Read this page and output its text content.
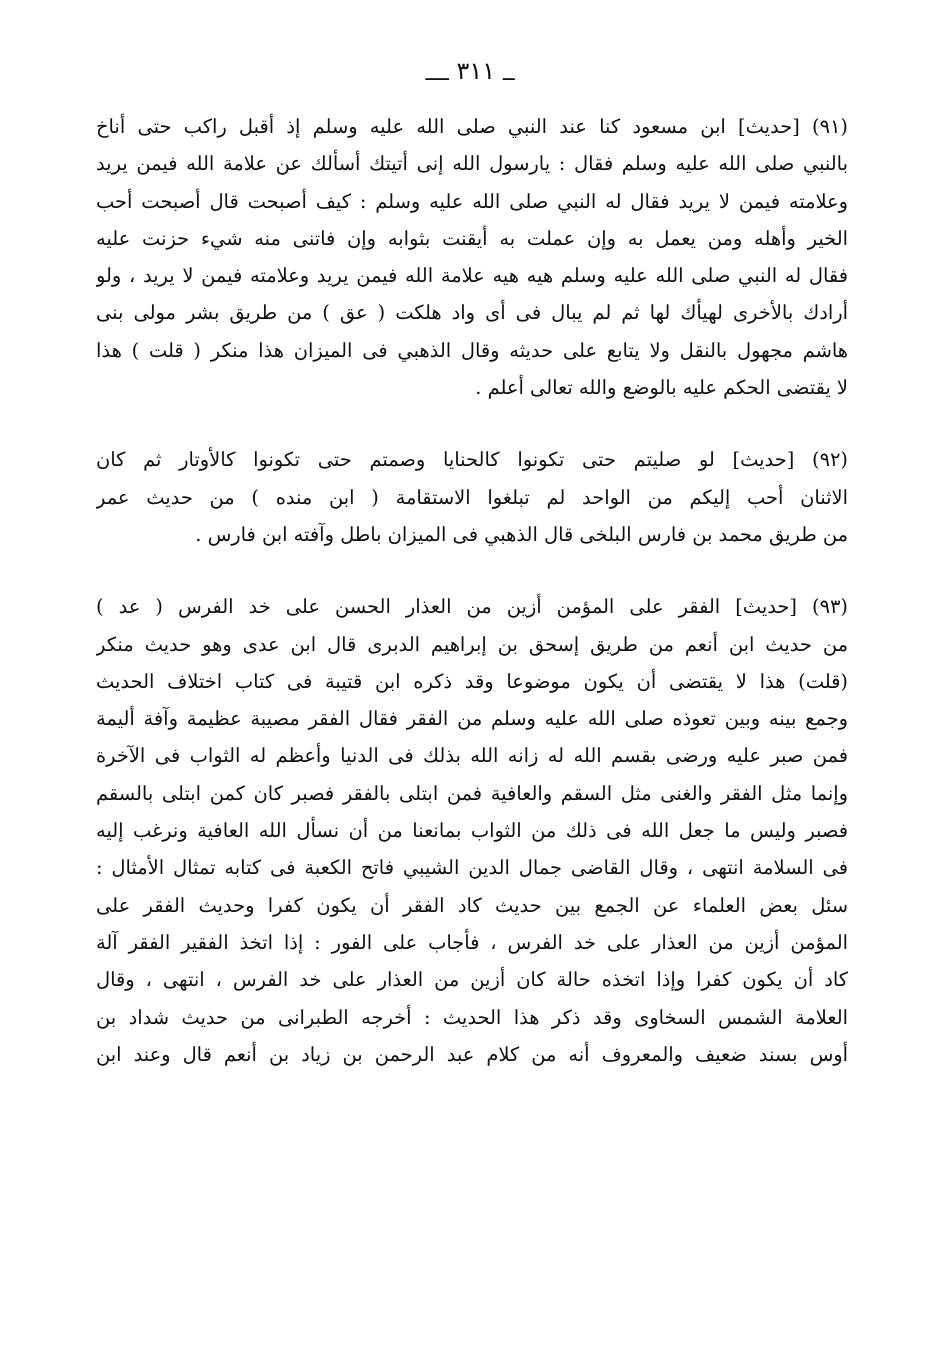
ــ ٣١١ ــــ
(٩١) [حديث] ابن مسعود كنا عند النبي صلى الله عليه وسلم إذ أقبل راكب حتى أناخ
بالنبي صلى الله عليه وسلم فقال : يارسول الله إنى أتيتك أسألك عن علامة الله فيمن يريد
وعلامته فيمن لا يريد فقال له النبي صلى الله عليه وسلم : كيف أصبحت قال أصبحت أحب
الخير وأهله ومن يعمل به وإن عملت به أيقنت بثوابه وإن فاتنى منه شيء حزنت عليه
فقال له النبي صلى الله عليه وسلم هيه هيه علامة الله فيمن يريد وعلامته فيمن لا يريد ، ولو
أرادك بالأخرى لهيأك لها ثم لم يبال فى أى واد هلكت ( عق ) من طريق بشر مولى بنى
هاشم مجهول بالنقل ولا يتابع على حديثه وقال الذهبي فى الميزان هذا منكر ( قلت ) هذا
لا يقتضى الحكم عليه بالوضع والله تعالى أعلم .
(٩٢) [حديث] لو صليتم حتى تكونوا كالحنايا وصمتم حتى تكونوا كالأوتار ثم كان
الاثنان أحب إليكم من الواحد لم تبلغوا الاستقامة ( ابن منده ) من حديث عمر
من طريق محمد بن فارس البلخى قال الذهبي فى الميزان باطل وآفته ابن فارس .
(٩٣) [حديث] الفقر على المؤمن أزين من العذار الحسن على خد الفرس ( عد )
من حديث ابن أنعم من طريق إسحق بن إبراهيم الدبرى قال ابن عدى وهو حديث منكر
(قلت) هذا لا يقتضى أن يكون موضوعا وقد ذكره ابن قتيبة فى كتاب اختلاف الحديث
وجمع بينه وبين تعوذه صلى الله عليه وسلم من الفقر فقال الفقر مصيبة عظيمة وآفة أليمة
فمن صبر عليه ورضى بقسم الله له زانه الله بذلك فى الدنيا وأعظم له الثواب فى الآخرة
وإنما مثل الفقر والغنى مثل السقم والعافية فمن ابتلى بالفقر فصبر كان كمن ابتلى بالسقم
فصبر وليس ما جعل الله فى ذلك من الثواب بمانعنا من أن نسأل الله العافية ونرغب إليه
فى السلامة انتهى ، وقال القاضى جمال الدين الشيبي فاتح الكعبة فى كتابه تمثال الأمثال :
سئل بعض العلماء عن الجمع بين حديث كاد الفقر أن يكون كفرا وحديث الفقر على
المؤمن أزين من العذار على خد الفرس ، فأجاب على الفور : إذا اتخذ الفقير الفقر آلة
كاد أن يكون كفرا وإذا اتخذه حالة كان أزين من العذار على خد الفرس ، انتهى ، وقال
العلامة الشمس السخاوى وقد ذكر هذا الحديث : أخرجه الطبرانى من حديث شداد بن
أوس بسند ضعيف والمعروف أنه من كلام عبد الرحمن بن زياد بن أنعم قال وعند ابن
